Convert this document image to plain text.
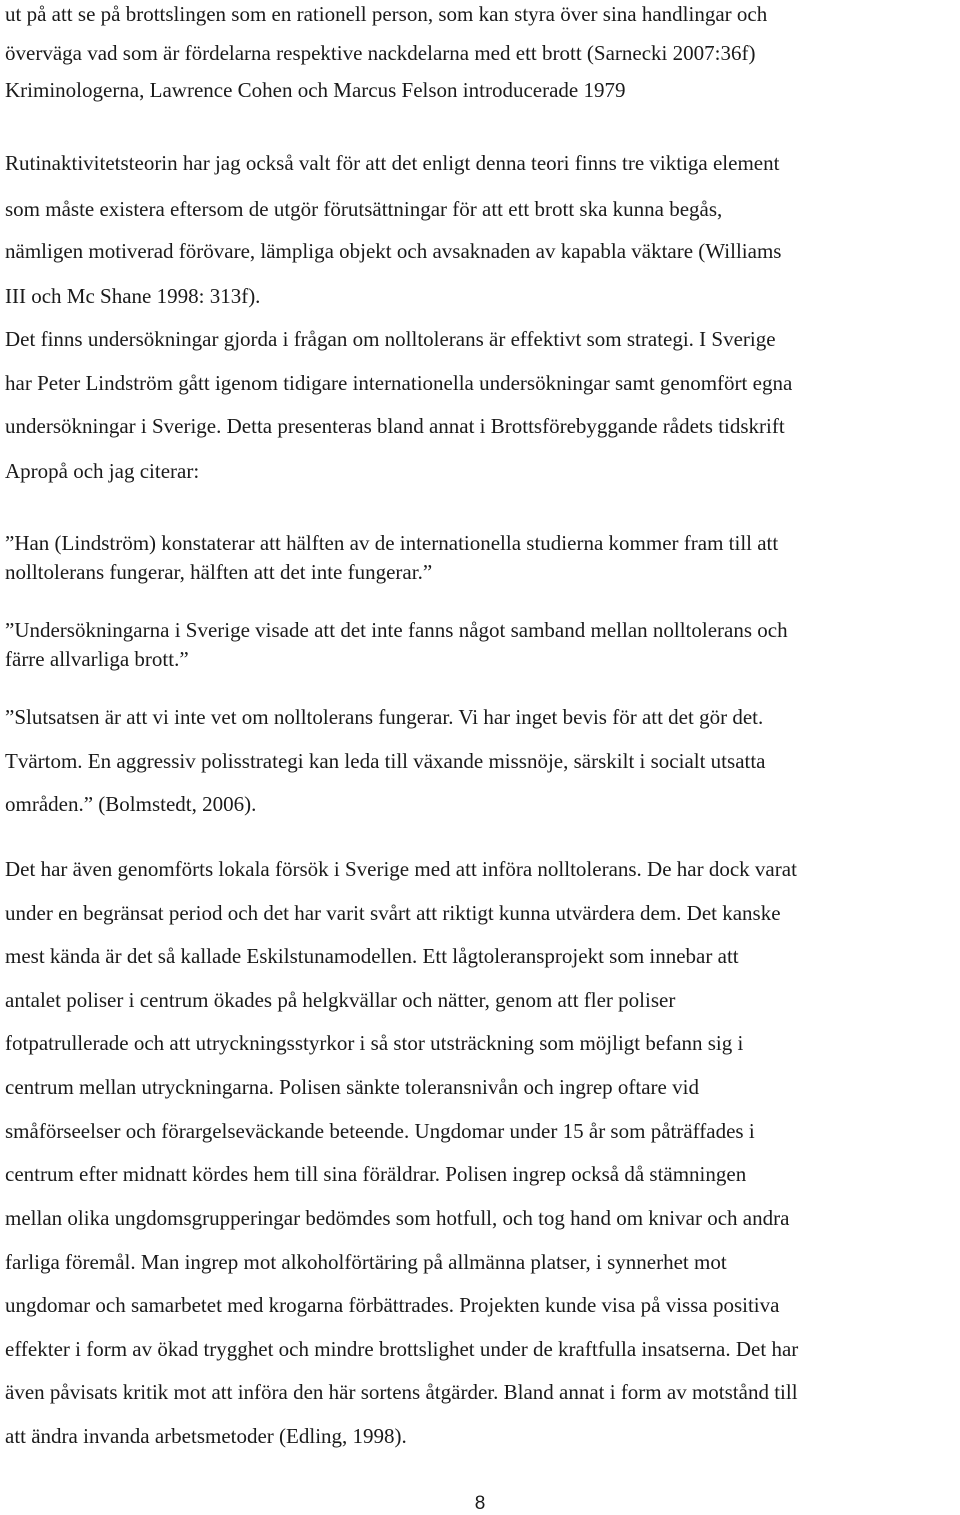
ut på att se på brottslingen som en rationell person, som kan styra över sina handlingar och
överväga vad som är fördelarna respektive nackdelarna med ett brott (Sarnecki 2007:36f)
Kriminologerna, Lawrence Cohen och Marcus Felson introducerade 1979
Rutinaktivitetsteorin har jag också valt för att det enligt denna teori finns tre viktiga element
som måste existera eftersom de utgör förutsättningar för att ett brott ska kunna begås,
nämligen motiverad förövare, lämpliga objekt och avsaknaden av kapabla väktare (Williams
III och Mc Shane 1998: 313f).
Det finns undersökningar gjorda i frågan om nolltolerans är effektivt som strategi. I Sverige
har Peter Lindström gått igenom tidigare internationella undersökningar samt genomfört egna
undersökningar i Sverige. Detta presenteras bland annat i Brottsförebyggande rådets tidskrift
Apropå och jag citerar:
”Han (Lindström) konstaterar att hälften av de internationella studierna kommer fram till att
nolltolerans fungerar, hälften att det inte fungerar.”
”Undersökningarna i Sverige visade att det inte fanns något samband mellan nolltolerans och
färre allvarliga brott.”
”Slutsatsen är att vi inte vet om nolltolerans fungerar. Vi har inget bevis för att det gör det.
Tvärtom. En aggressiv polisstrategi kan leda till växande missnöje, särskilt i socialt utsatta
områden.” (Bolmstedt, 2006).
Det har även genomförts lokala försök i Sverige med att införa nolltolerans. De har dock varat
under en begränsat period och det har varit svårt att riktigt kunna utvärdera dem. Det kanske
mest kända är det så kallade Eskilstunamodellen. Ett lågtoleransprojekt som innebar att
antalet poliser i centrum ökades på helgkvällar och nätter, genom att fler poliser
fotpatrullerade och att utryckningsstyrkor i så stor utsträckning som möjligt befann sig i
centrum mellan utryckningarna. Polisen sänkte toleransnivån och ingrep oftare vid
småförseelser och förargelseväckande beteende. Ungdomar under 15 år som påträffades i
centrum efter midnatt kördes hem till sina föräldrar. Polisen ingrep också då stämningen
mellan olika ungdomsgrupperingar bedömdes som hotfull, och tog hand om knivar och andra
farliga föremål. Man ingrep mot alkoholförtäring på allmänna platser, i synnerhet mot
ungdomar och samarbetet med krogarna förbättrades. Projekten kunde visa på vissa positiva
effekter i form av ökad trygghet och mindre brottslighet under de kraftfulla insatserna. Det har
även påvisats kritik mot att införa den här sortens åtgärder. Bland annat i form av motstånd till
att ändra invanda arbetsmetoder (Edling, 1998).
8
